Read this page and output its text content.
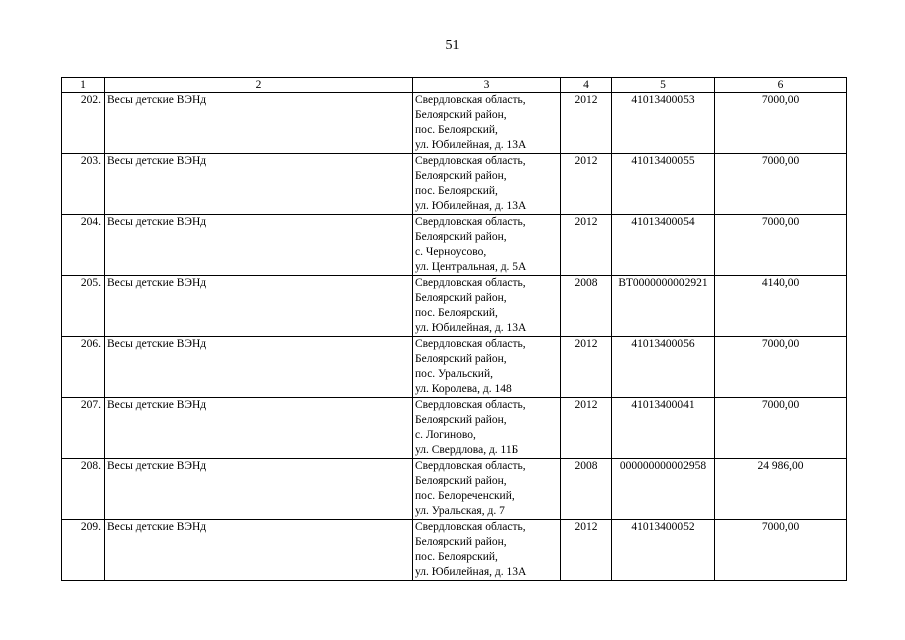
51
1	2	3	4	5	6
202.	Весы детские ВЭНд	Свердловская область,
Белоярский район,
пос. Белоярский,
ул. Юбилейная, д. 13А	2012	41013400053	7000,00
203.	Весы детские ВЭНд	Свердловская область,
Белоярский район,
пос. Белоярский,
ул. Юбилейная, д. 13А	2012	41013400055	7000,00
204.	Весы детские ВЭНд	Свердловская область,
Белоярский район,
с. Черноусово,
ул. Центральная, д. 5А	2012	41013400054	7000,00
205.	Весы детские ВЭНд	Свердловская область,
Белоярский район,
пос. Белоярский,
ул. Юбилейная, д. 13А	2008	ВТ0000000002921	4140,00
206.	Весы детские ВЭНд	Свердловская область,
Белоярский район,
пос. Уральский,
ул. Королева, д. 148	2012	41013400056	7000,00
207.	Весы детские ВЭНд	Свердловская область,
Белоярский район,
с. Логиново,
ул. Свердлова, д. 11Б	2012	41013400041	7000,00
208.	Весы детские ВЭНд	Свердловская область,
Белоярский район,
пос. Белореченский,
ул. Уральская, д. 7	2008	000000000002958	24 986,00
209.	Весы детские ВЭНд	Свердловская область,
Белоярский район,
пос. Белоярский,
ул. Юбилейная, д. 13А	2012	41013400052	7000,00
